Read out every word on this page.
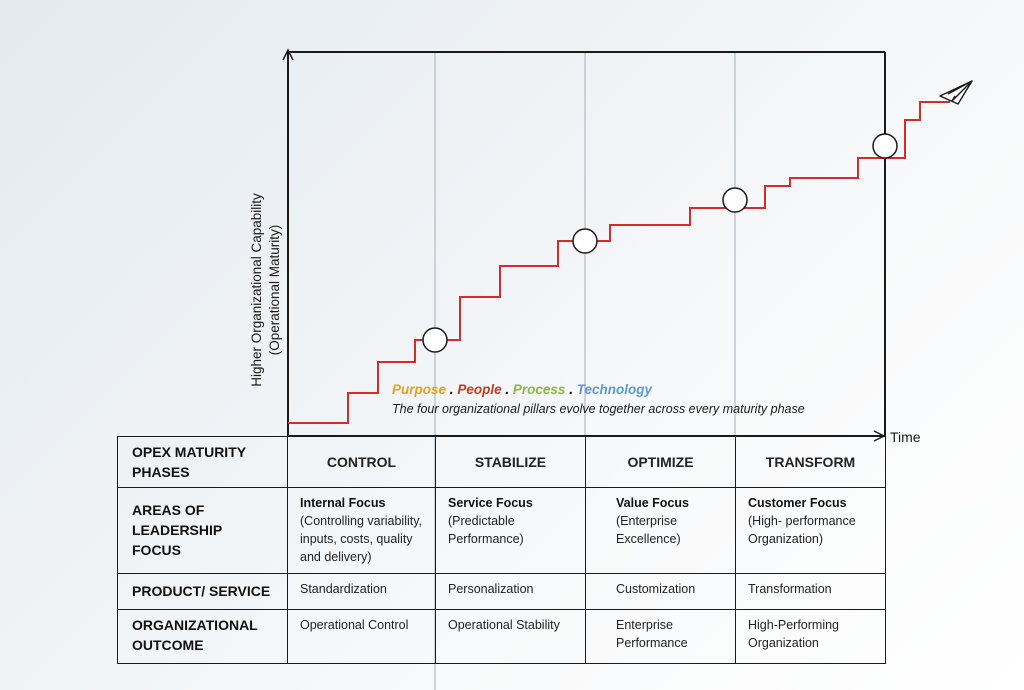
Higher Organizational Capability (Operational Maturity)
Time
Purpose . People . Process . Technology
The four organizational pillars evolve together across every maturity phase
OPEX MATURITY
PHASES	CONTROL	STABILIZE	OPTIMIZE	TRANSFORM

AREAS OF
LEADERSHIP FOCUS	Internal Focus
(Controlling variability,
inputs, costs, quality
and delivery)	Service Focus
(Predictable
Performance)	Value Focus
(Enterprise
Excellence)	Customer Focus
(High- performance
Organization)

PRODUCT/ SERVICE	Standardization	Personalization	Customization	Transformation

ORGANIZATIONAL
OUTCOME	Operational Control	Operational Stability	Enterprise
Performance	High-Performing
Organization
